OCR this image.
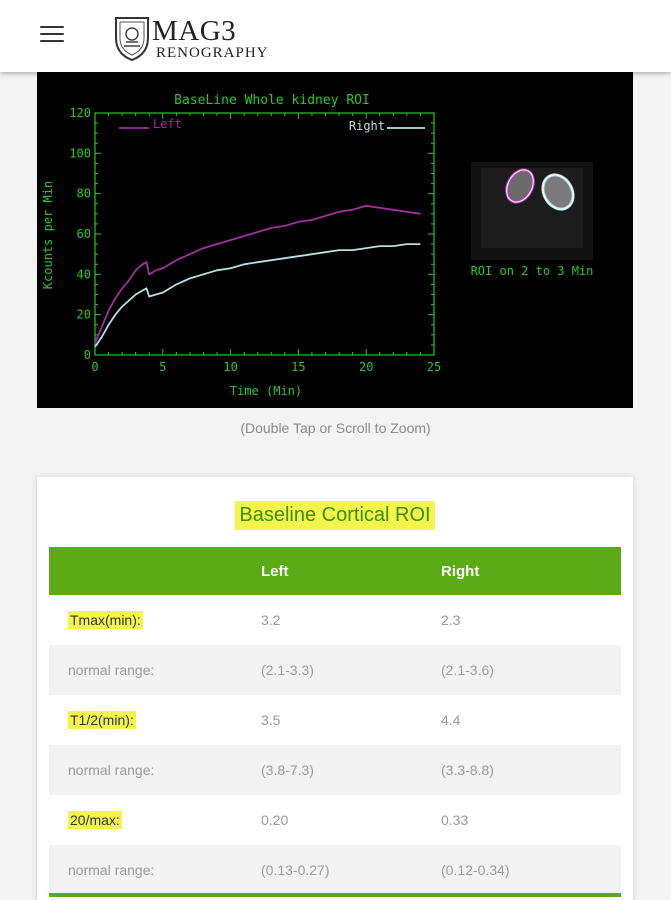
MAG3
RENOGRAPHY
BaseLine Whole kidney ROI
Kcounts per Min
Time (Min)
0	5	10	15	20	25
0
20
40
60
80
100
120
Left	Right
ROI on 2 to 3 Min
(Double Tap or Scroll to Zoom)
Baseline Cortical ROI
	Left	Right
Tmax(min):	3.2	2.3
normal range:	(2.1-3.3)	(2.1-3.6)
T1/2(min):	3.5	4.4
normal range:	(3.8-7.3)	(3.3-8.8)
20/max:	0.20	0.33
normal range:	(0.13-0.27)	(0.12-0.34)
